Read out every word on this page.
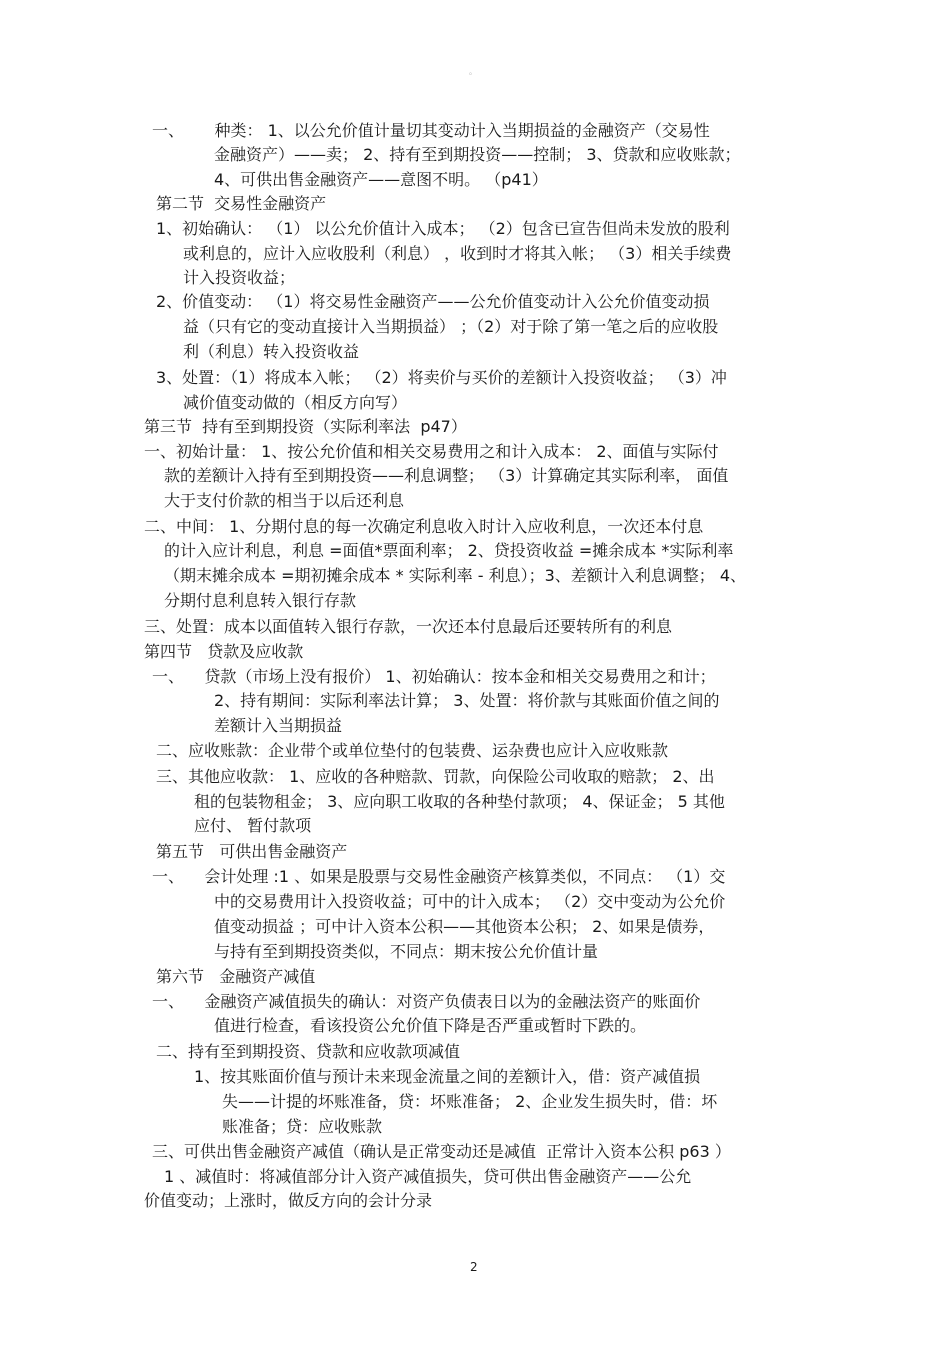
。
一、      种类： 1、以公允价值计量切其变动计入当期损益的金融资产（交易性
金融资产）——卖； 2、持有至到期投资——控制； 3、贷款和应收账款；
4、可供出售金融资产——意图不明。 （p41）
第二节  交易性金融资产
1、初始确认： （1） 以公允价值计入成本； （2）包含已宣告但尚未发放的股利
或利息的，应计入应收股利（利息） ，收到时才将其入帐； （3）相关手续费
计入投资收益；
2、价值变动： （1）将交易性金融资产——公允价值变动计入公允价值变动损
益（只有它的变动直接计入当期损益） ；（2）对于除了第一笔之后的应收股
利（利息）转入投资收益
3、处置：（1）将成本入帐； （2）将卖价与买价的差额计入投资收益； （3）冲
减价值变动做的（相反方向写）
第三节  持有至到期投资（实际利率法  p47）
一、初始计量： 1、按公允价值和相关交易费用之和计入成本： 2、面值与实际付
款的差额计入持有至到期投资——利息调整； （3）计算确定其实际利率， 面值
大于支付价款的相当于以后还利息
二、中间： 1、分期付息的每一次确定利息收入时计入应收利息，一次还本付息
的计入应计利息，利息 =面值*票面利率； 2、贷投资收益 =摊余成本 *实际利率
（期末摊余成本 =期初摊余成本 * 实际利率 - 利息）；3、差额计入利息调整； 4、
分期付息利息转入银行存款
三、处置：成本以面值转入银行存款，一次还本付息最后还要转所有的利息
第四节   贷款及应收款
一、    贷款（市场上没有报价） 1、初始确认：按本金和相关交易费用之和计；
2、持有期间：实际利率法计算； 3、处置：将价款与其账面价值之间的
差额计入当期损益
二、应收账款：企业带个或单位垫付的包装费、运杂费也应计入应收账款
三、其他应收款： 1、应收的各种赔款、罚款，向保险公司收取的赔款； 2、出
租的包装物租金； 3、应向职工收取的各种垫付款项； 4、保证金； 5 其他
应付、 暂付款项
第五节   可供出售金融资产
一、    会计处理 :1 、如果是股票与交易性金融资产核算类似，不同点： （1）交
中的交易费用计入投资收益；可中的计入成本； （2）交中变动为公允价
值变动损益 ；可中计入资本公积——其他资本公积； 2、如果是债券，
与持有至到期投资类似，不同点：期末按公允价值计量
第六节   金融资产减值
一、    金融资产减值损失的确认：对资产负债表日以为的金融法资产的账面价
值进行检查，看该投资公允价值下降是否严重或暂时下跌的。
二、持有至到期投资、贷款和应收款项减值
1、按其账面价值与预计未来现金流量之间的差额计入，借：资产减值损
失——计提的坏账准备，贷：坏账准备； 2、企业发生损失时，借：坏
账准备；贷：应收账款
三、可供出售金融资产减值（确认是正常变动还是减值  正常计入资本公积 p63 ）
1 、减值时：将减值部分计入资产减值损失，贷可供出售金融资产——公允
价值变动；上涨时，做反方向的会计分录
2
